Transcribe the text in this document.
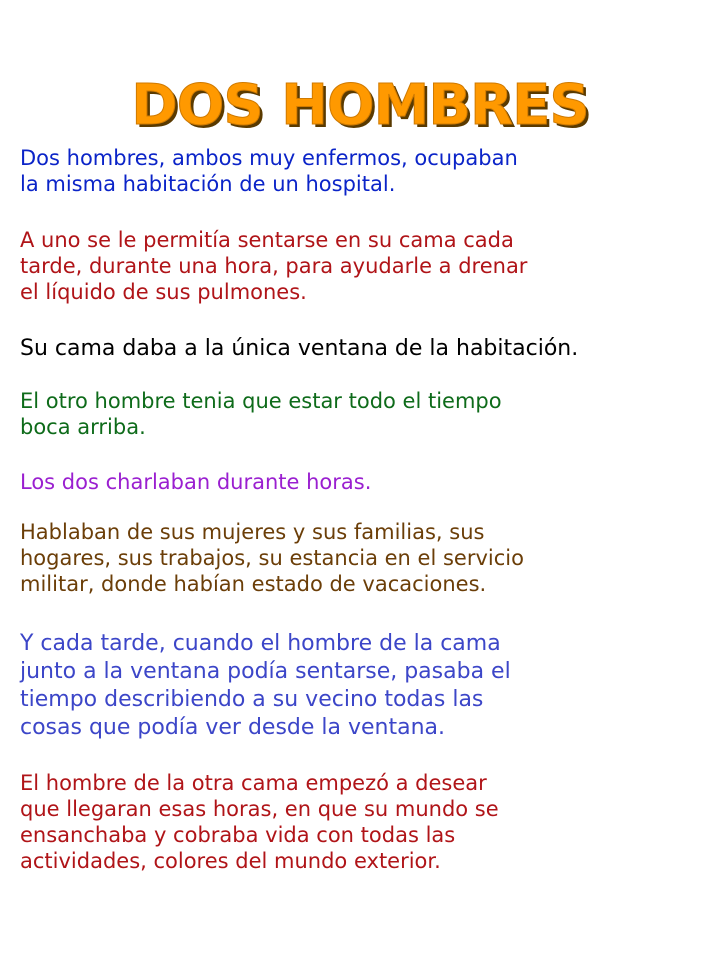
DOS HOMBRES

Dos hombres, ambos muy enfermos, ocupaban
la misma habitación de un hospital.

A uno se le permitía sentarse en su cama cada
tarde, durante una hora, para ayudarle a drenar
el líquido de sus pulmones.

Su cama daba a la única ventana de la habitación.

El otro hombre tenia que estar todo el tiempo
boca arriba.

Los dos charlaban durante horas.

Hablaban de sus mujeres y sus familias, sus
hogares, sus trabajos, su estancia en el servicio
militar, donde habían estado de vacaciones.

Y cada tarde, cuando el hombre de la cama
junto a la ventana podía sentarse, pasaba el
tiempo describiendo a su vecino todas las
cosas que podía ver desde la ventana.

El hombre de la otra cama empezó a desear
que llegaran esas horas, en que su mundo se
ensanchaba y cobraba vida con todas las
actividades, colores del mundo exterior.
